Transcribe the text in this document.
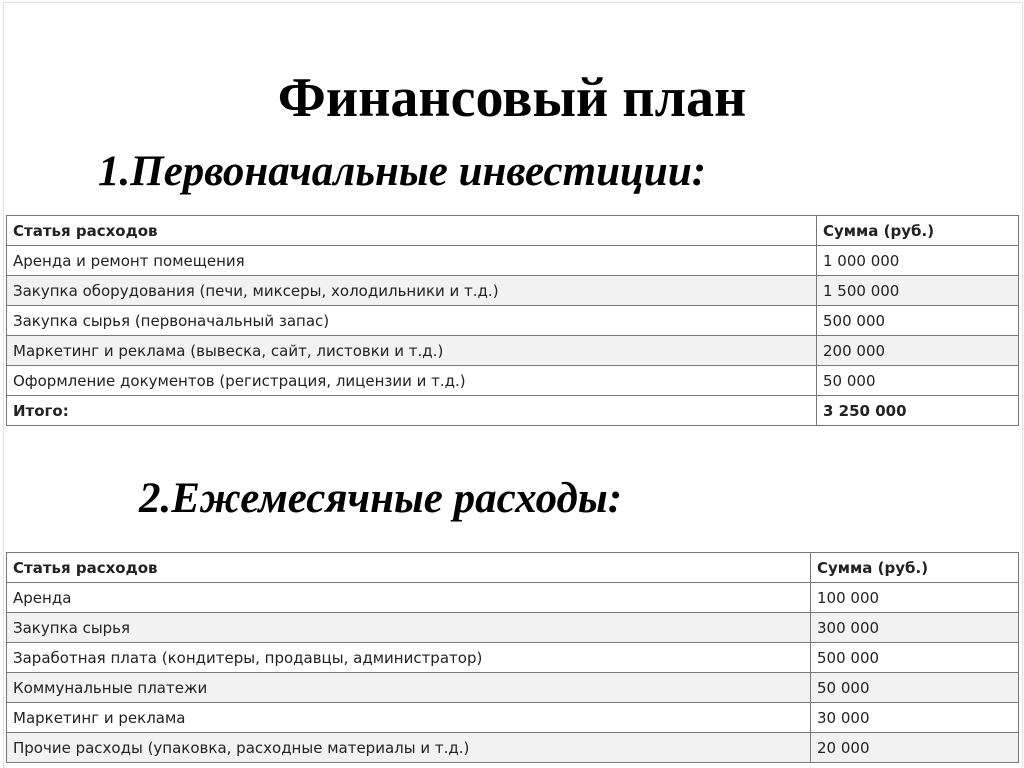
Финансовый план
1.Первоначальные инвестиции:
Статья расходов	Сумма (руб.)
Аренда и ремонт помещения	1 000 000
Закупка оборудования (печи, миксеры, холодильники и т.д.)	1 500 000
Закупка сырья (первоначальный запас)	500 000
Маркетинг и реклама (вывеска, сайт, листовки и т.д.)	200 000
Оформление документов (регистрация, лицензии и т.д.)	50 000
Итого:	3 250 000
2.Ежемесячные расходы:
Статья расходов	Сумма (руб.)
Аренда	100 000
Закупка сырья	300 000
Заработная плата (кондитеры, продавцы, администратор)	500 000
Коммунальные платежи	50 000
Маркетинг и реклама	30 000
Прочие расходы (упаковка, расходные материалы и т.д.)	20 000
